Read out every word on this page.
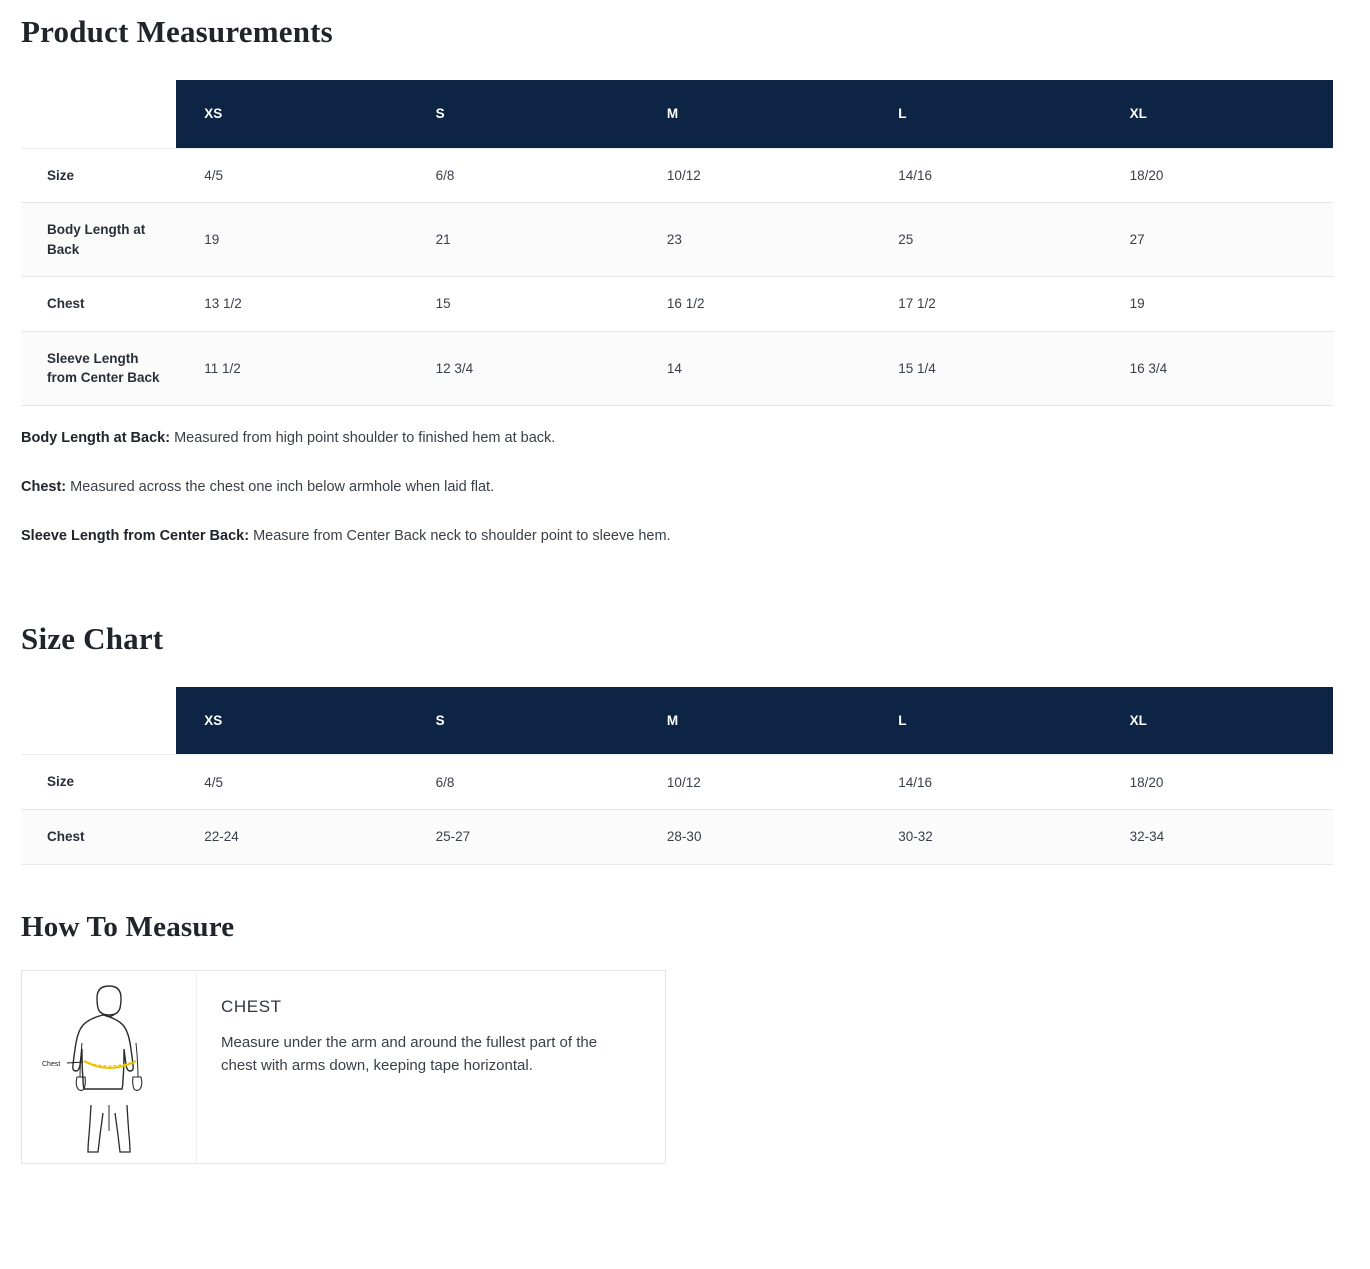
Product Measurements

	XS	S	M	L	XL

Size	4/5	6/8	10/12	14/16	18/20
Body Length at Back	19	21	23	25	27
Chest	13 1/2	15	16 1/2	17 1/2	19
Sleeve Length from Center Back	11 1/2	12 3/4	14	15 1/4	16 3/4

Body Length at Back: Measured from high point shoulder to finished hem at back.

Chest: Measured across the chest one inch below armhole when laid flat.

Sleeve Length from Center Back: Measure from Center Back neck to shoulder point to sleeve hem.

Size Chart

	XS	S	M	L	XL

Size	4/5	6/8	10/12	14/16	18/20
Chest	22-24	25-27	28-30	30-32	32-34
How To Measure
Chest
CHEST

Measure under the arm and around the fullest part of the chest with arms down, keeping tape horizontal.
